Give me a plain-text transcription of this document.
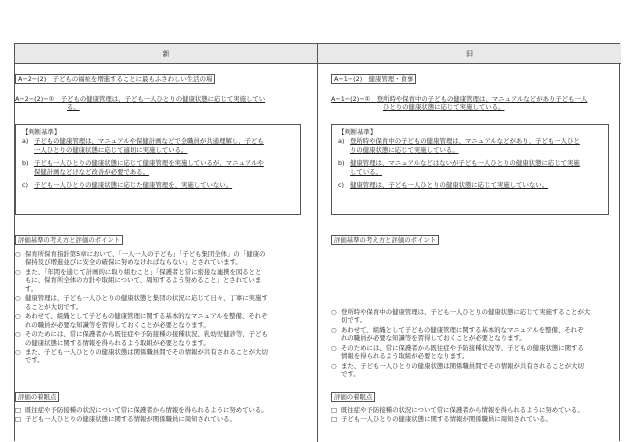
新	旧
A−2−(2)　子どもの福祉を増進することに最もふさわしい生活の場
A−2−(2)−①　 子どもの健康管理は、子ども一人ひとりの健康状態に応じて実施してい
る。
【判断基準】
a) 子どもの健康管理は、マニュアルや保健計画などで全職員が共通理解し、子ども
一人ひとりの健康状態に応じて適切に実施している。
b) 子ども一人ひとりの健康状態に応じて健康管理を実施しているが、マニュアルや
保健計画などけなど改善が必要である。
c) 子ども一人ひとりの健康状態に応じた健康管理を、実施していない。
評価基準の考え方と評価のポイント
○ 保育所保育指針第5章において、「一人一人の子ども」「子ども集団全体」の「健康の
保持及び増進並びに安全の確保に努めなければならない」とされています。
○ また、「年間を通じて計画的に取り組むこと」「保護者と常に密接な連携を図るとと
もに、保育所全体の方針や取組について、周知するよう努めること」とされていま
す。
○ 健康管理は、子ども一人ひとりの健康状態と集団の状況に応じて日々、丁寧に実施す
ることが大切です。
○ あわせて、組織として子どもの健康管理に関する基本的なマニュアルを整備、それぞ
れの職員が必要な知識等を習得しておくことが必要となります。
○ そのためには、常に保護者から既往症や予防接種の接種状況、乳幼児健診等、子ども
の健康状態に関する情報を得られるよう取組が必要となります。
○ また、子ども一人ひとりの健康状態は関係職員間でその情報が共有されることが大切
です。
評価の着眼点
□ 既往症や予防接種の状況について常に保護者から情報を得られるように努めている。
□ 子ども一人ひとりの健康状態に関する情報が関係職員に周知されている。
A−1−(2)　健康管理・食事
A−1−(2)−①　 登所時や保育中の子どもの健康管理は、マニュアルなどがあり子ども一人
ひとりの健康状態に応じて実施している。
【判断基準】
a) 登所時や保育中の子どもの健康管理は、マニュアルなどがあり、子ども一人ひと
りの健康状態に応じて実施している。
b) 健康管理は、マニュアルなどはないが子ども一人ひとりの健康状態に応じて実施
している。
c) 健康管理は、子ども一人ひとりの健康状態に応じて実施していない。
評価基準の考え方と評価のポイント
○ 登所時や保育中の健康管理は、子ども一人ひとりの健康状態に応じて実施することが大
切です。
○ あわせて、組織として子どもの健康管理に関する基本的なマニュアルを整備、それぞ
れの職員が必要な知識等を習得しておくことが必要となります。
○ そのためには、常に保護者から既往症や予防接種状況等、子どもの健康状態に関する
情報を得られるよう取組が必要となります。
○ また、子ども一人ひとりの健康状態は関係職員間でその情報が共有されることが大切
です。
評価の着眼点
□ 既往症や予防接種の状況について常に保護者から情報を得られるように努めている。
□ 子ども一人ひとりの健康状態に関する情報が関係職員に周知されている。
